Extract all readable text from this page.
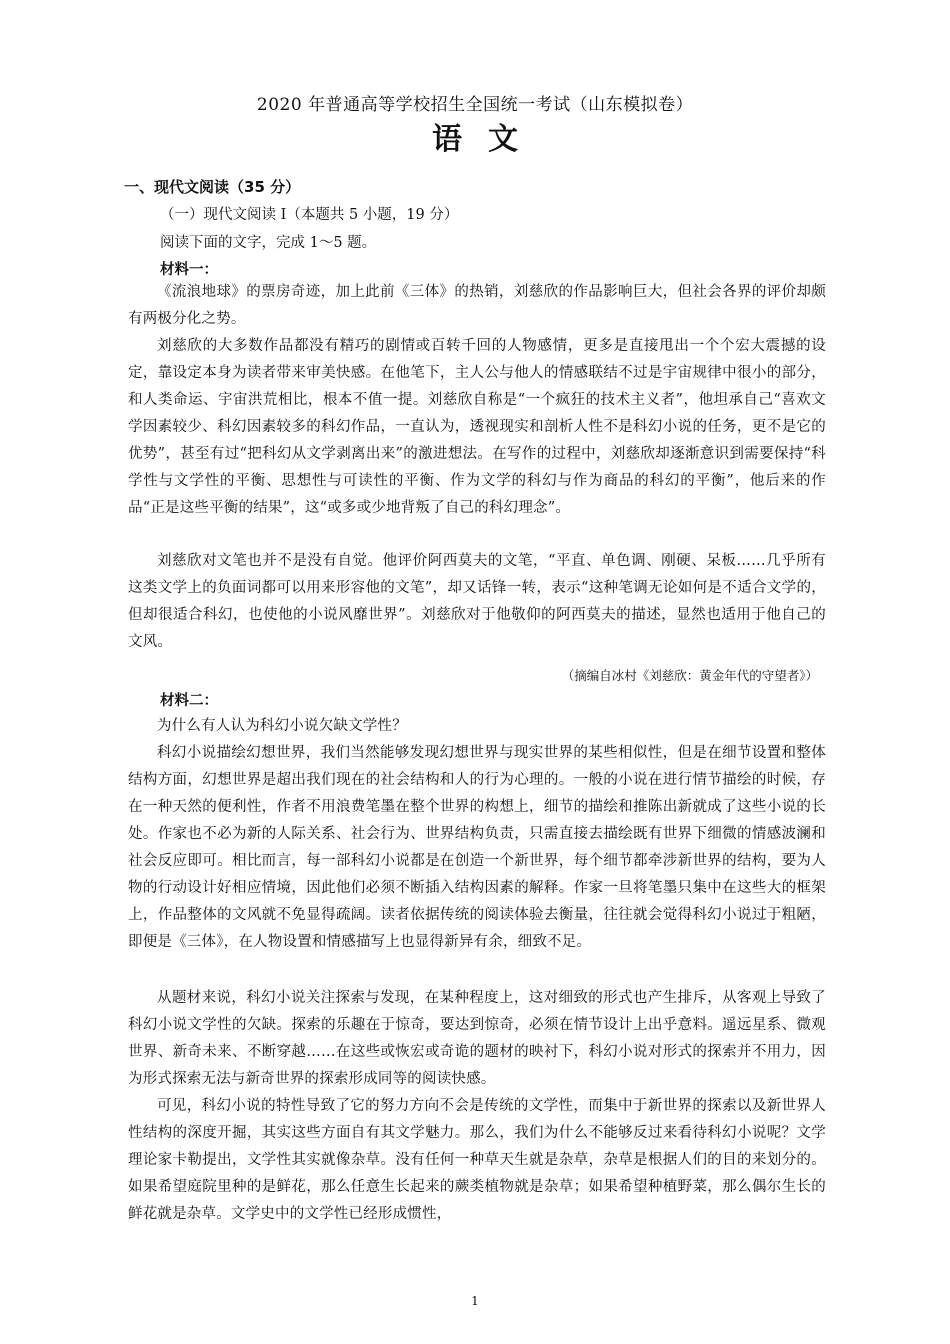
2020 年普通高等学校招生全国统一考试（山东模拟卷）
语文
一、现代文阅读（35 分）
（一）现代文阅读 I（本题共 5 小题，19 分）
阅读下面的文字，完成 1～5 题。
材料一：
《流浪地球》的票房奇迹，加上此前《三体》的热销，刘慈欣的作品影响巨大，但社会各界的评价却颇有两极分化之势。
刘慈欣的大多数作品都没有精巧的剧情或百转千回的人物感情，更多是直接甩出一个个宏大震撼的设定，靠设定本身为读者带来审美快感。在他笔下，主人公与他人的情感联结不过是宇宙规律中很小的部分，和人类命运、宇宙洪荒相比，根本不值一提。刘慈欣自称是“一个疯狂的技术主义者”，他坦承自己“喜欢文学因素较少、科幻因素较多的科幻作品，一直认为，透视现实和剖析人性不是科幻小说的任务，更不是它的优势”，甚至有过“把科幻从文学剥离出来”的激进想法。在写作的过程中，刘慈欣却逐渐意识到需要保持“科学性与文学性的平衡、思想性与可读性的平衡、作为文学的科幻与作为商品的科幻的平衡”，他后来的作品“正是这些平衡的结果”，这“或多或少地背叛了自己的科幻理念”。
刘慈欣对文笔也并不是没有自觉。他评价阿西莫夫的文笔，“平直、单色调、刚硬、呆板……几乎所有这类文学上的负面词都可以用来形容他的文笔”，却又话锋一转，表示“这种笔调无论如何是不适合文学的，但却很适合科幻，也使他的小说风靡世界”。刘慈欣对于他敬仰的阿西莫夫的描述，显然也适用于他自己的文风。
（摘编自冰村《刘慈欣：黄金年代的守望者》）
材料二：
为什么有人认为科幻小说欠缺文学性？
科幻小说描绘幻想世界，我们当然能够发现幻想世界与现实世界的某些相似性，但是在细节设置和整体结构方面，幻想世界是超出我们现在的社会结构和人的行为心理的。一般的小说在进行情节描绘的时候，存在一种天然的便利性，作者不用浪费笔墨在整个世界的构想上，细节的描绘和推陈出新就成了这些小说的长处。作家也不必为新的人际关系、社会行为、世界结构负责，只需直接去描绘既有世界下细微的情感波澜和社会反应即可。相比而言，每一部科幻小说都是在创造一个新世界，每个细节都牵涉新世界的结构，要为人物的行动设计好相应情境，因此他们必须不断插入结构因素的解释。作家一旦将笔墨只集中在这些大的框架上，作品整体的文风就不免显得疏阔。读者依据传统的阅读体验去衡量，往往就会觉得科幻小说过于粗陋，即便是《三体》，在人物设置和情感描写上也显得新异有余，细致不足。
从题材来说，科幻小说关注探索与发现，在某种程度上，这对细致的形式也产生排斥，从客观上导致了科幻小说文学性的欠缺。探索的乐趣在于惊奇，要达到惊奇，必须在情节设计上出乎意料。遥远星系、微观世界、新奇未来、不断穿越……在这些或恢宏或奇诡的题材的映衬下，科幻小说对形式的探索并不用力，因为形式探索无法与新奇世界的探索形成同等的阅读快感。
可见，科幻小说的特性导致了它的努力方向不会是传统的文学性，而集中于新世界的探索以及新世界人性结构的深度开掘，其实这些方面自有其文学魅力。那么，我们为什么不能够反过来看待科幻小说呢？文学理论家卡勒提出，文学性其实就像杂草。没有任何一种草天生就是杂草，杂草是根据人们的目的来划分的。如果希望庭院里种的是鲜花，那么任意生长起来的蕨类植物就是杂草；如果希望种植野菜，那么偶尔生长的鲜花就是杂草。文学史中的文学性已经形成惯性，
1
